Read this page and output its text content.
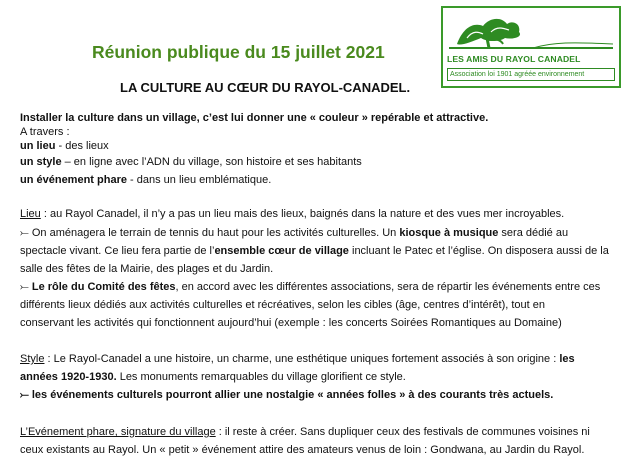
Réunion publique du 15 juillet 2021
LA CULTURE AU CŒUR DU RAYOL-CANADEL.
LES AMIS DU RAYOL CANADEL
Association loi 1901 agréée environnement
Installer la culture dans un village, c’est lui donner une « couleur » repérable et attractive.
A travers :
un lieu - des lieux
un style – en ligne avec l’ADN du village, son histoire et ses habitants
un événement phare - dans un lieu emblématique.
Lieu : au Rayol Canadel, il n’y a pas un lieu mais des lieux, baignés dans la nature et des vues mer incroyables.
⤚ On aménagera le terrain de tennis du haut pour les activités culturelles. Un kiosque à musique sera dédié au
spectacle vivant. Ce lieu fera partie de l’ensemble cœur de village incluant le Patec et l’église. On disposera aussi de la
salle des fêtes de la Mairie, des plages et du Jardin.
⤚ Le rôle du Comité des fêtes, en accord avec les différentes associations, sera de répartir les événements entre ces
différents lieux dédiés aux activités culturelles et récréatives, selon les cibles (âge, centres d’intérêt), tout en
conservant les activités qui fonctionnent aujourd’hui (exemple : les concerts Soirées Romantiques au Domaine)
Style : Le Rayol-Canadel a une histoire, un charme, une esthétique uniques fortement associés à son origine : les
années 1920-1930. Les monuments remarquables du village glorifient ce style.
⤚ les événements culturels pourront allier une nostalgie « années folles » à des courants très actuels.
L’Evénement phare, signature du village : il reste à créer. Sans dupliquer ceux des festivals de communes voisines ni
ceux existants au Rayol. Un « petit » événement attire des amateurs venus de loin : Gondwana, au Jardin du Rayol.
